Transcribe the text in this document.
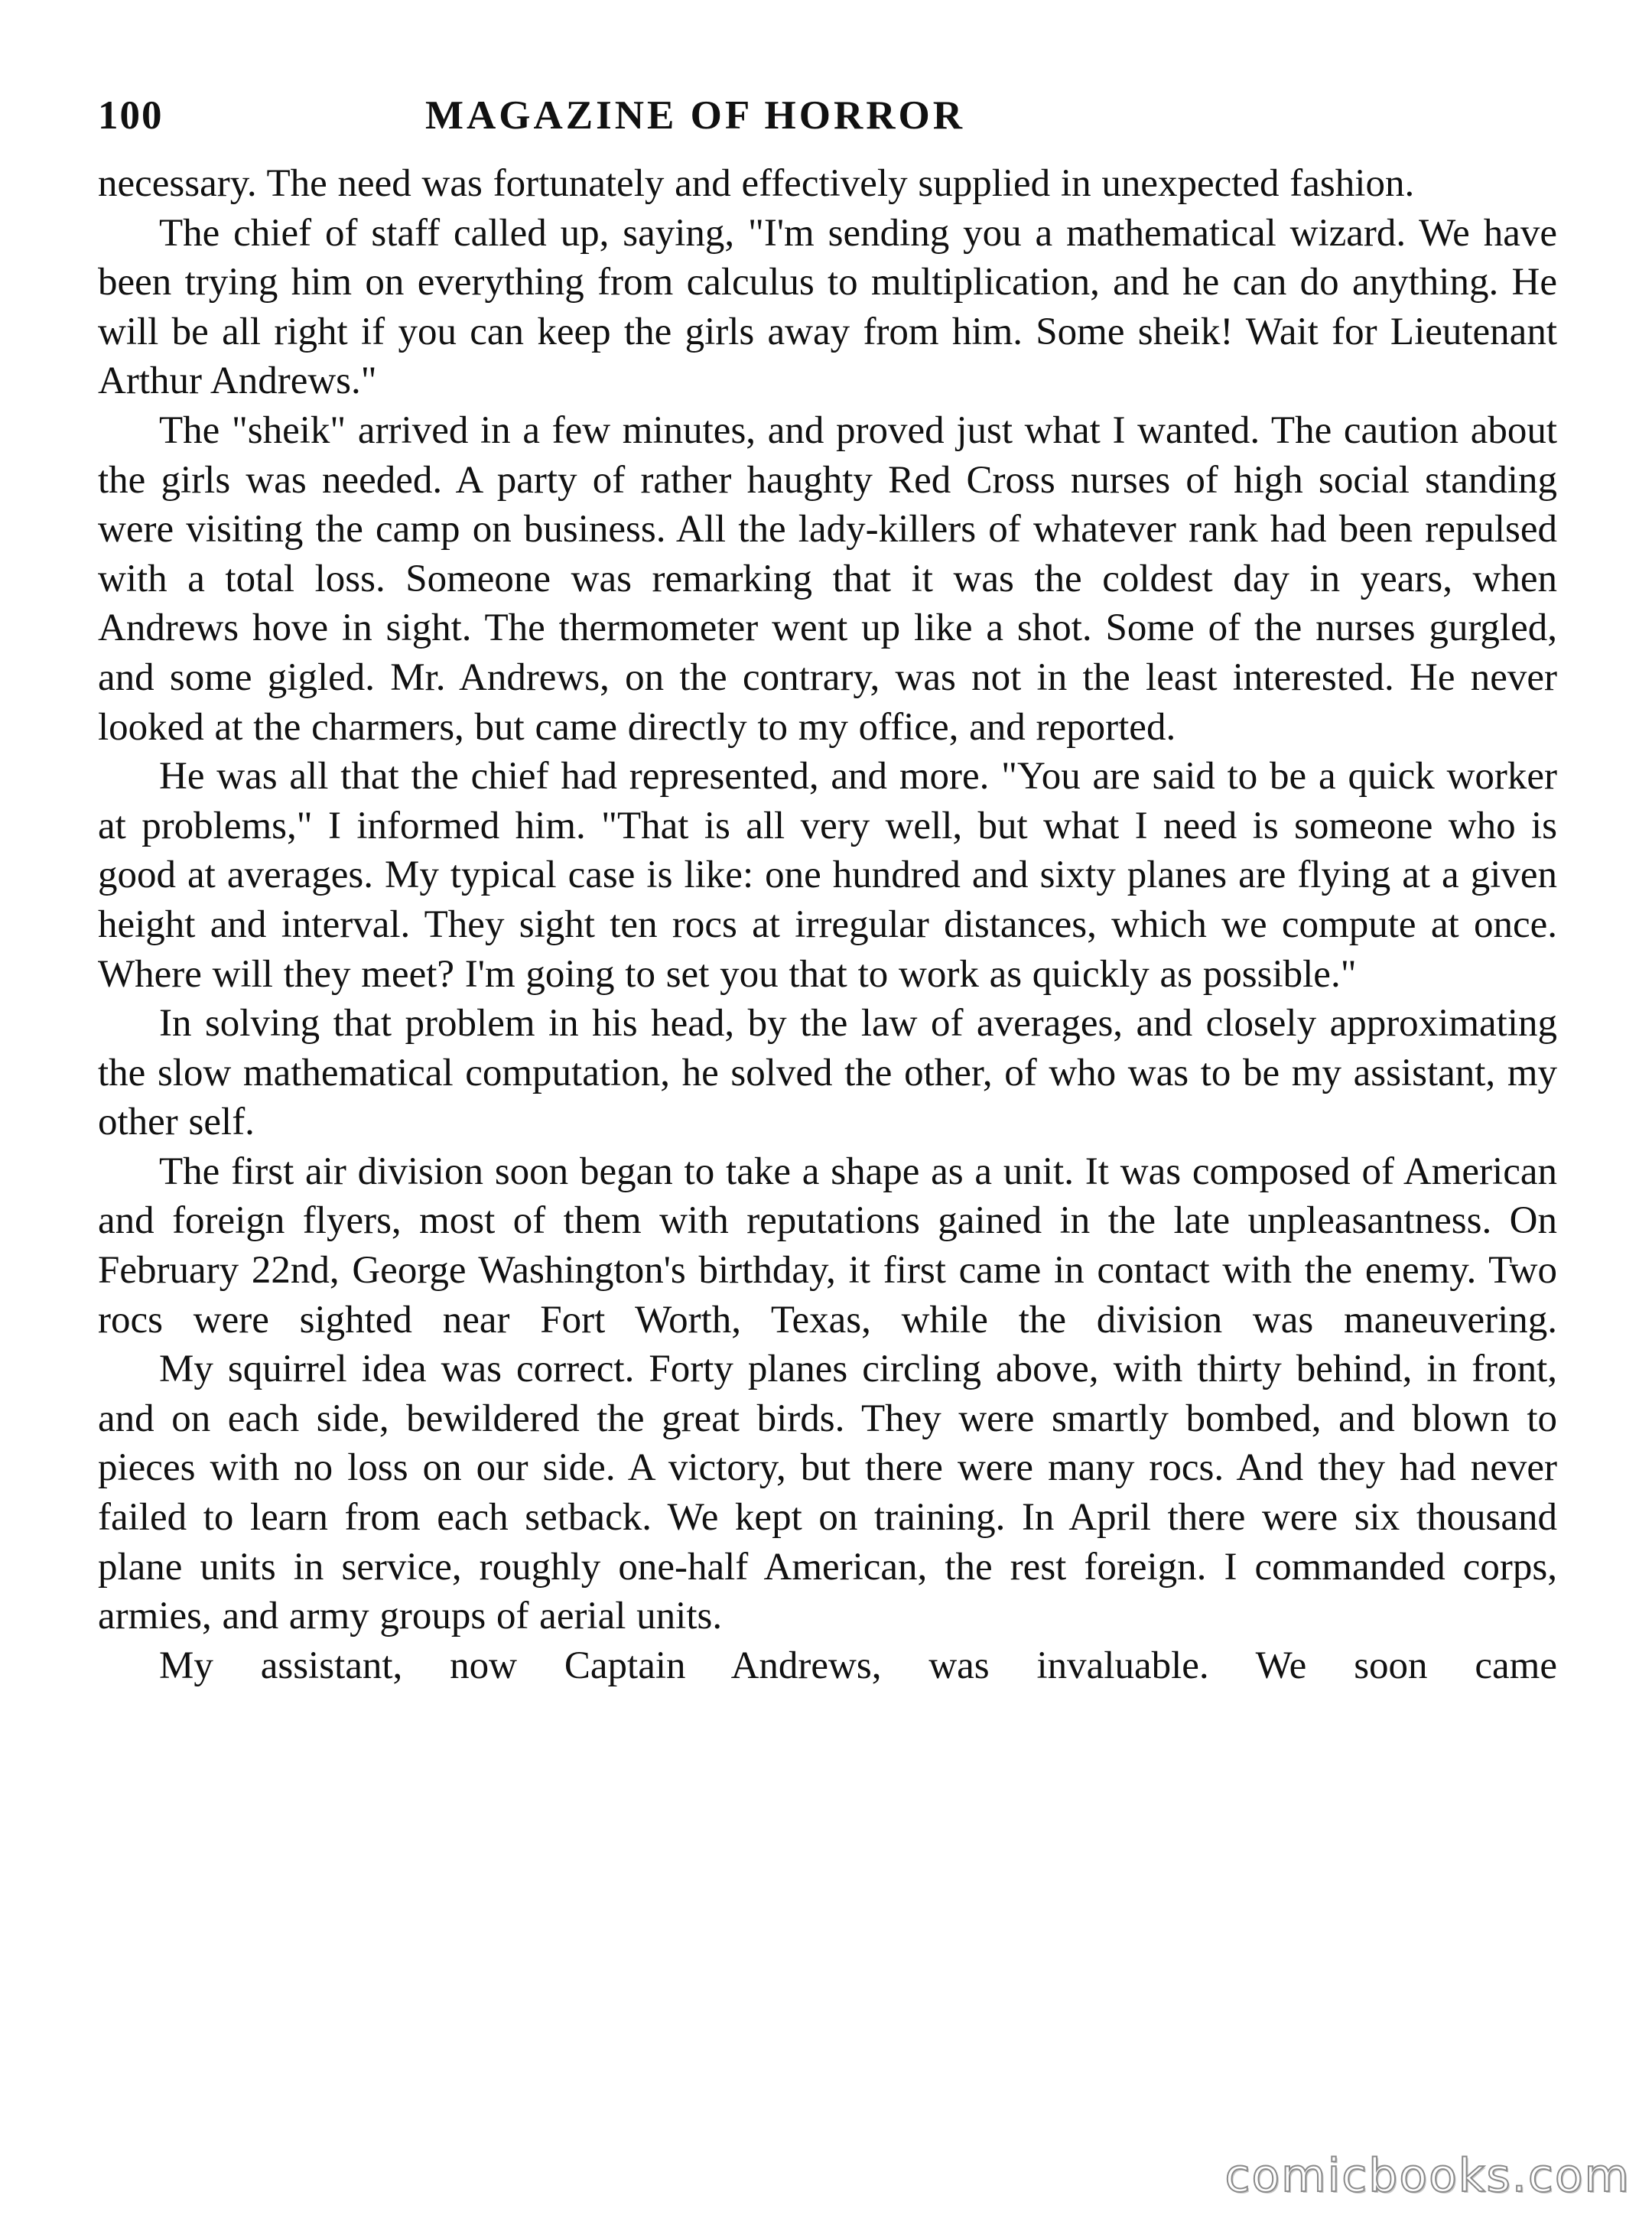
100	MAGAZINE OF HORROR

necessary. The need was fortunately and effectively supplied in unexpected fashion.

The chief of staff called up, saying, "I'm sending you a mathematical wizard. We have been trying him on everything from calculus to multiplication, and he can do anything. He will be all right if you can keep the girls away from him. Some sheik! Wait for Lieutenant Arthur Andrews."

The "sheik" arrived in a few minutes, and proved just what I wanted. The caution about the girls was needed. A party of rather haughty Red Cross nurses of high social standing were visiting the camp on business. All the lady-killers of whatever rank had been repulsed with a total loss. Someone was remarking that it was the coldest day in years, when Andrews hove in sight. The thermometer went up like a shot. Some of the nurses gurgled, and some gigled. Mr. Andrews, on the contrary, was not in the least interested. He never looked at the charmers, but came directly to my office, and reported.

He was all that the chief had represented, and more. "You are said to be a quick worker at problems," I informed him. "That is all very well, but what I need is someone who is good at averages. My typical case is like: one hundred and sixty planes are flying at a given height and interval. They sight ten rocs at irregular distances, which we compute at once. Where will they meet? I'm going to set you that to work as quickly as possible."

In solving that problem in his head, by the law of averages, and closely approximating the slow mathematical computation, he solved the other, of who was to be my assistant, my other self.

The first air division soon began to take a shape as a unit. It was composed of American and foreign flyers, most of them with reputations gained in the late unpleasantness. On February 22nd, George Washington's birthday, it first came in contact with the enemy. Two rocs were sighted near Fort Worth, Texas, while the division was maneuvering.

My squirrel idea was correct. Forty planes circling above, with thirty behind, in front, and on each side, bewildered the great birds. They were smartly bombed, and blown to pieces with no loss on our side. A victory, but there were many rocs. And they had never failed to learn from each setback. We kept on training. In April there were six thousand plane units in service, roughly one-half American, the rest foreign. I commanded corps, armies, and army groups of aerial units.

My assistant, now Captain Andrews, was invaluable. We soon came

comicbooks.com
